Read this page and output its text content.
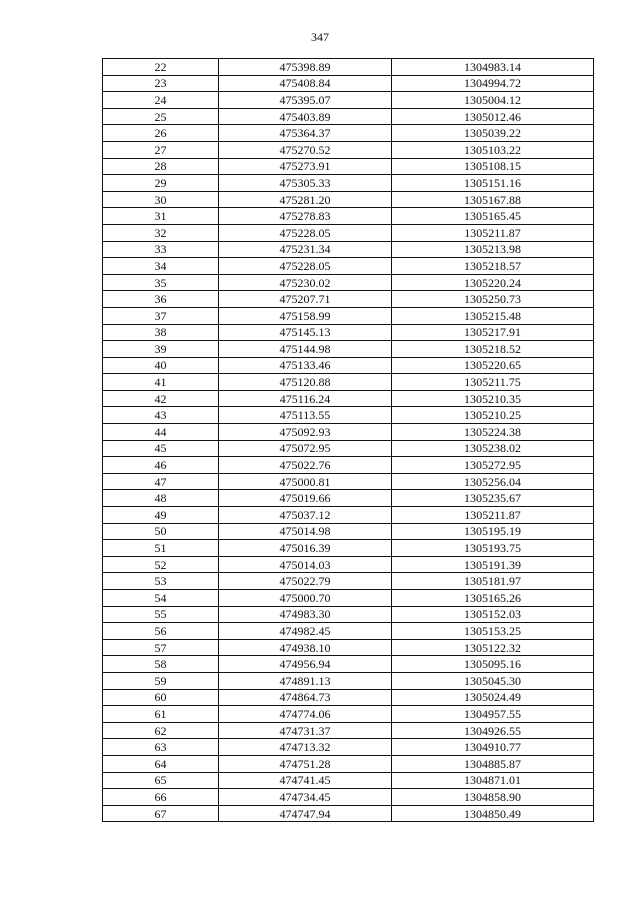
347
22	475398.89	1304983.14
23	475408.84	1304994.72
24	475395.07	1305004.12
25	475403.89	1305012.46
26	475364.37	1305039.22
27	475270.52	1305103.22
28	475273.91	1305108.15
29	475305.33	1305151.16
30	475281.20	1305167.88
31	475278.83	1305165.45
32	475228.05	1305211.87
33	475231.34	1305213.98
34	475228.05	1305218.57
35	475230.02	1305220.24
36	475207.71	1305250.73
37	475158.99	1305215.48
38	475145.13	1305217.91
39	475144.98	1305218.52
40	475133.46	1305220.65
41	475120.88	1305211.75
42	475116.24	1305210.35
43	475113.55	1305210.25
44	475092.93	1305224.38
45	475072.95	1305238.02
46	475022.76	1305272.95
47	475000.81	1305256.04
48	475019.66	1305235.67
49	475037.12	1305211.87
50	475014.98	1305195.19
51	475016.39	1305193.75
52	475014.03	1305191.39
53	475022.79	1305181.97
54	475000.70	1305165.26
55	474983.30	1305152.03
56	474982.45	1305153.25
57	474938.10	1305122.32
58	474956.94	1305095.16
59	474891.13	1305045.30
60	474864.73	1305024.49
61	474774.06	1304957.55
62	474731.37	1304926.55
63	474713.32	1304910.77
64	474751.28	1304885.87
65	474741.45	1304871.01
66	474734.45	1304858.90
67	474747.94	1304850.49
